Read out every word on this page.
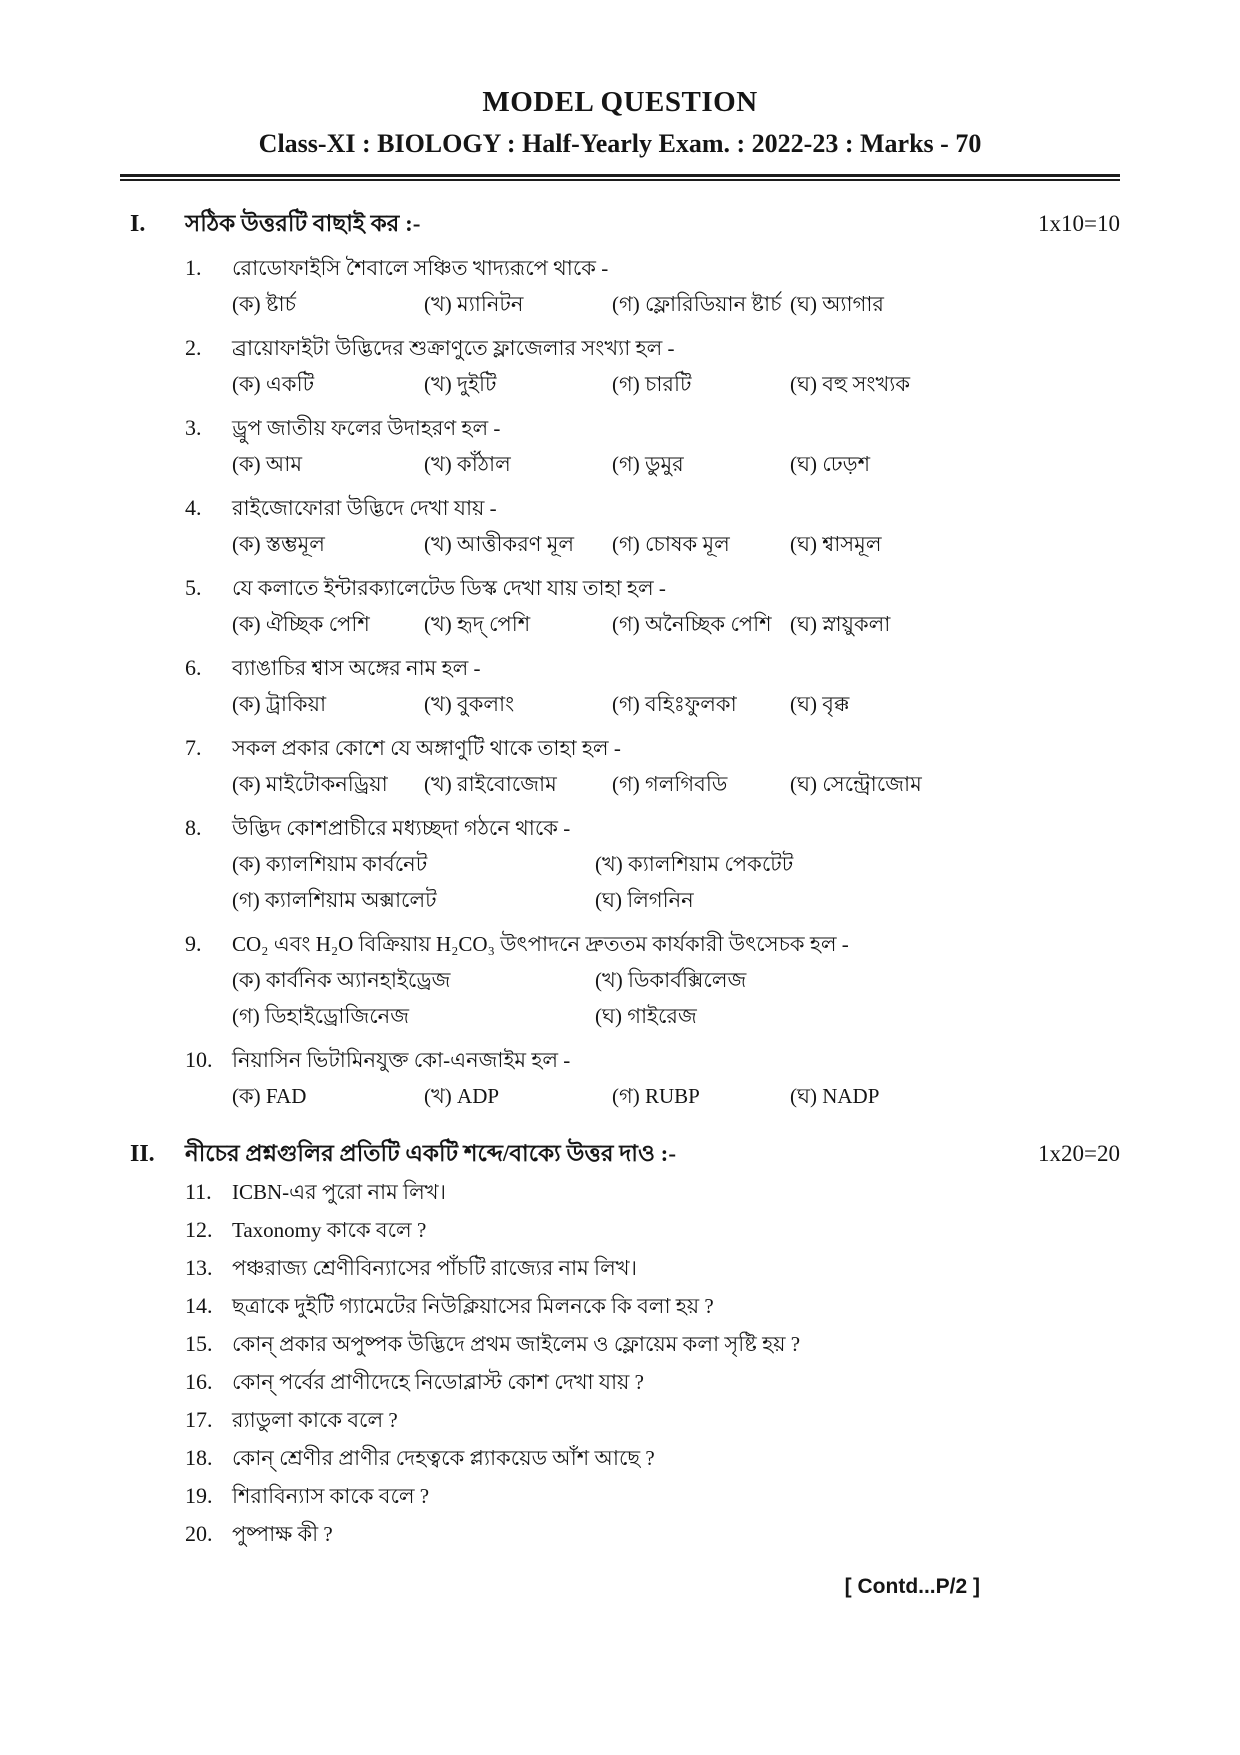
MODEL QUESTION
Class-XI : BIOLOGY : Half-Yearly Exam. : 2022-23 : Marks - 70
I.	সঠিক উত্তরটি বাছাই কর :-	1x10=10
1.	রোডোফাইসি শৈবালে সঞ্চিত খাদ্যরূপে থাকে -
(ক) ষ্টার্চ	(খ) ম্যানিটন	(গ) ফ্লোরিডিয়ান ষ্টার্চ (ঘ) অ্যাগার
2.	ব্রায়োফাইটা উদ্ভিদের শুক্রাণুতে ফ্লাজেলার সংখ্যা হল -
(ক) একটি	(খ) দুইটি	(গ) চারটি	(ঘ) বহু সংখ্যক
3.	ড্রুপ জাতীয় ফলের উদাহরণ হল -
(ক) আম	(খ) কাঁঠাল	(গ) ডুমুর	(ঘ) ঢেড়শ
4.	রাইজোফোরা উদ্ভিদে দেখা যায় -
(ক) স্তম্ভমূল	(খ) আত্তীকরণ মূল	(গ) চোষক মূল	(ঘ) শ্বাসমূল
5.	যে কলাতে ইন্টারক্যালেটেড ডিস্ক দেখা যায় তাহা হল -
(ক) ঐচ্ছিক পেশি	(খ) হৃদ্ পেশি	(গ) অনৈচ্ছিক পেশি (ঘ) স্নায়ুকলা
6.	ব্যাঙাচির শ্বাস অঙ্গের নাম হল -
(ক) ট্রাকিয়া	(খ) বুকলাং	(গ) বহিঃফুলকা	(ঘ) বৃক্ক
7.	সকল প্রকার কোশে যে অঙ্গাণুটি থাকে তাহা হল -
(ক) মাইটোকনড্রিয়া	(খ) রাইবোজোম	(গ) গলগিবডি	(ঘ) সেন্ট্রোজোম
8.	উদ্ভিদ কোশপ্রাচীরে মধ্যচ্ছদা গঠনে থাকে -
(ক) ক্যালশিয়াম কার্বনেট	(খ) ক্যালশিয়াম পেকটেট
(গ) ক্যালশিয়াম অক্সালেট	(ঘ) লিগনিন
9.	CO₂ এবং H₂O বিক্রিয়ায় H₂CO₃ উৎপাদনে দ্রুততম কার্যকারী উৎসেচক হল -
(ক) কার্বনিক অ্যানহাইড্রেজ	(খ) ডিকার্বক্সিলেজ
(গ) ডিহাইড্রোজিনেজ	(ঘ) গাইরেজ
10. নিয়াসিন ভিটামিনযুক্ত কো-এনজাইম হল -
(ক) FAD	(খ) ADP	(গ) RUBP	(ঘ) NADP
II.	নীচের প্রশ্নগুলির প্রতিটি একটি শব্দে/বাক্যে উত্তর দাও :-	1x20=20
11. ICBN-এর পুরো নাম লিখ।
12. Taxonomy কাকে বলে ?
13. পঞ্চরাজ্য শ্রেণীবিন্যাসের পাঁচটি রাজ্যের নাম লিখ।
14. ছত্রাকে দুইটি গ্যামেটের নিউক্লিয়াসের মিলনকে কি বলা হয় ?
15. কোন্ প্রকার অপুষ্পক উদ্ভিদে প্রথম জাইলেম ও ফ্লোয়েম কলা সৃষ্টি হয় ?
16. কোন্ পর্বের প্রাণীদেহে নিডোব্লাস্ট কোশ দেখা যায় ?
17. র‍্যাডুলা কাকে বলে ?
18. কোন্ শ্রেণীর প্রাণীর দেহত্বকে প্ল্যাকয়েড আঁশ আছে ?
19. শিরাবিন্যাস কাকে বলে ?
20. পুষ্পাক্ষ কী ?
[ Contd...P/2 ]
